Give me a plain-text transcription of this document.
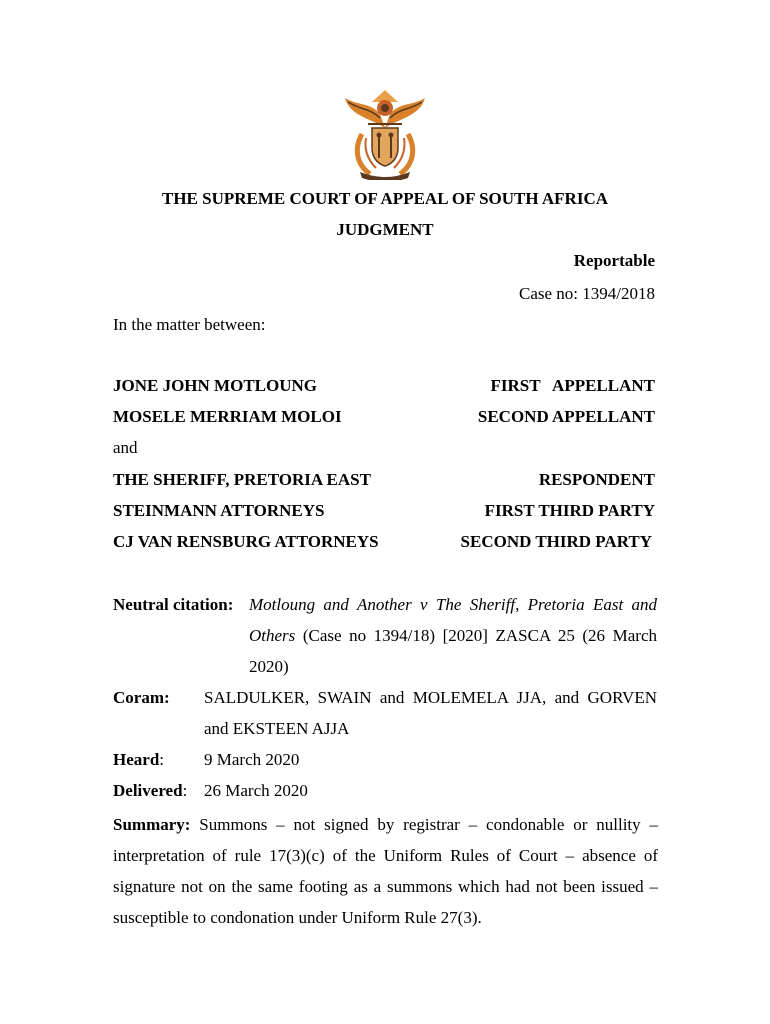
THE SUPREME COURT OF APPEAL OF SOUTH AFRICA
JUDGMENT
Reportable
Case no: 1394/2018
In the matter between:
JONE JOHN MOTLOUNG	FIRST   APPELLANT
MOSELE MERRIAM MOLOI	SECOND APPELLANT
and
THE SHERIFF, PRETORIA EAST	RESPONDENT
STEINMANN ATTORNEYS	FIRST THIRD PARTY
CJ VAN RENSBURG ATTORNEYS	SECOND THIRD PARTY
Neutral citation: Motloung and Another v The Sheriff, Pretoria East and
Others (Case no 1394/18) [2020] ZASCA 25 (26 March
2020)
Coram: SALDULKER, SWAIN and MOLEMELA JJA, and GORVEN
and EKSTEEN AJJA
Heard: 9 March 2020
Delivered: 26 March 2020
Summary: Summons – not signed by registrar – condonable or nullity –
interpretation of rule 17(3)(c) of the Uniform Rules of Court – absence of
signature not on the same footing as a summons which had not been issued –
susceptible to condonation under Uniform Rule 27(3).
